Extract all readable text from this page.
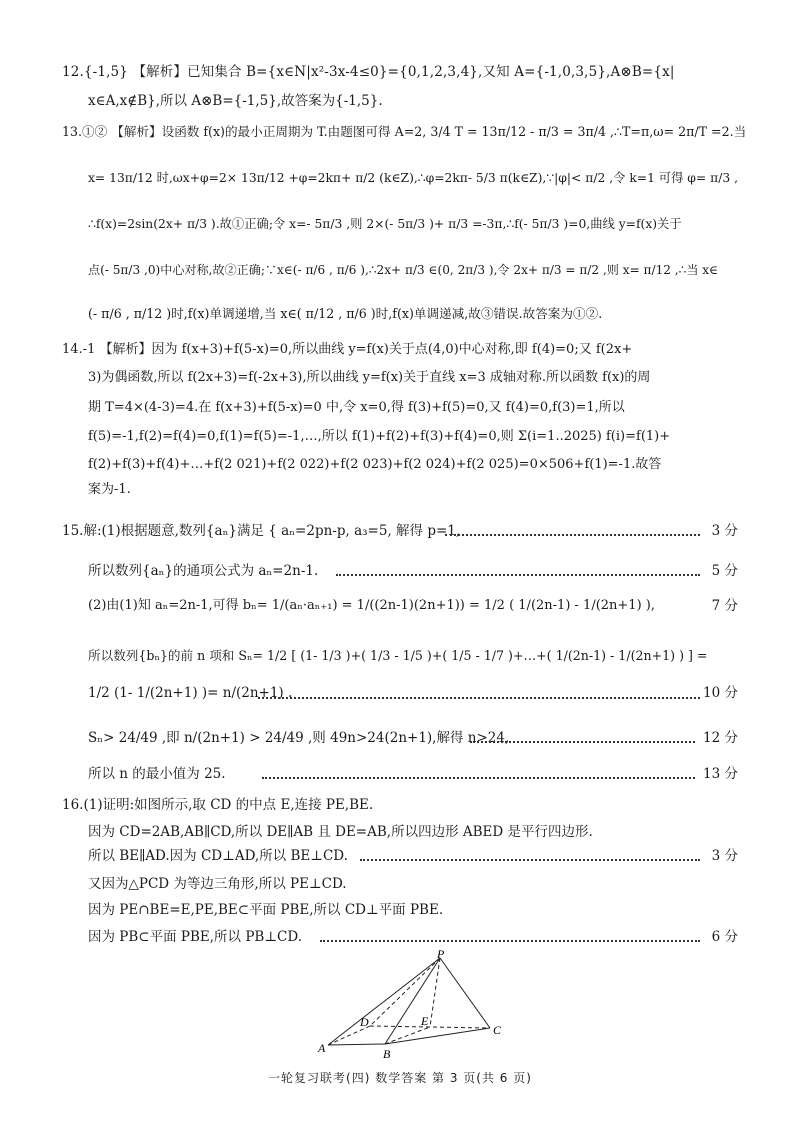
12.{-1,5} 【解析】已知集合 B={x∈N|x²-3x-4≤0}={0,1,2,3,4},又知 A={-1,0,3,5},A⊗B={x|
x∈A,x∉B},所以 A⊗B={-1,5},故答案为{-1,5}.
13.①② 【解析】设函数 f(x)的最小正周期为 T.由题图可得 A=2, 3/4 T = 13π/12 - π/3 = 3π/4 ,∴T=π,ω= 2π/T =2.当
x= 13π/12 时,ωx+φ=2× 13π/12 +φ=2kπ+ π/2 (k∈Z),∴φ=2kπ- 5/3 π(k∈Z),∵|φ|< π/2 ,令 k=1 可得 φ= π/3 ,
∴f(x)=2sin(2x+ π/3 ).故①正确;令 x=- 5π/3 ,则 2×(- 5π/3 )+ π/3 =-3π,∴f(- 5π/3 )=0,曲线 y=f(x)关于
点(- 5π/3 ,0)中心对称,故②正确;∵x∈(- π/6 , π/6 ),∴2x+ π/3 ∈(0, 2π/3 ),令 2x+ π/3 = π/2 ,则 x= π/12 ,∴当 x∈
(- π/6 , π/12 )时,f(x)单调递增,当 x∈( π/12 , π/6 )时,f(x)单调递减,故③错误.故答案为①②.
14.-1 【解析】因为 f(x+3)+f(5-x)=0,所以曲线 y=f(x)关于点(4,0)中心对称,即 f(4)=0;又 f(2x+
3)为偶函数,所以 f(2x+3)=f(-2x+3),所以曲线 y=f(x)关于直线 x=3 成轴对称.所以函数 f(x)的周
期 T=4×(4-3)=4.在 f(x+3)+f(5-x)=0 中,令 x=0,得 f(3)+f(5)=0,又 f(4)=0,f(3)=1,所以
f(5)=-1,f(2)=f(4)=0,f(1)=f(5)=-1,…,所以 f(1)+f(2)+f(3)+f(4)=0,则 Σ(i=1..2025) f(i)=f(1)+
f(2)+f(3)+f(4)+…+f(2 021)+f(2 022)+f(2 023)+f(2 024)+f(2 025)=0×506+f(1)=-1.故答
案为-1.
15.解:(1)根据题意,数列{aₙ}满足 { aₙ=2pn-p, a₃=5, 解得 p=1,	3 分
所以数列{aₙ}的通项公式为 aₙ=2n-1.	5 分
(2)由(1)知 aₙ=2n-1,可得 bₙ= 1/(aₙ·aₙ₊₁) = 1/((2n-1)(2n+1)) = 1/2 ( 1/(2n-1) - 1/(2n+1) ),	7 分
所以数列{bₙ}的前 n 项和 Sₙ= 1/2 [ (1- 1/3 )+( 1/3 - 1/5 )+( 1/5 - 1/7 )+…+( 1/(2n-1) - 1/(2n+1) ) ] =
1/2 (1- 1/(2n+1) )= n/(2n+1) .	10 分
Sₙ> 24/49 ,即 n/(2n+1) > 24/49 ,则 49n>24(2n+1),解得 n>24,	12 分
所以 n 的最小值为 25.	13 分
16.(1)证明:如图所示,取 CD 的中点 E,连接 PE,BE.
因为 CD=2AB,AB∥CD,所以 DE∥AB 且 DE=AB,所以四边形 ABED 是平行四边形.
所以 BE∥AD.因为 CD⊥AD,所以 BE⊥CD.	3 分
又因为△PCD 为等边三角形,所以 PE⊥CD.
因为 PE∩BE=E,PE,BE⊂平面 PBE,所以 CD⊥平面 PBE.
因为 PB⊂平面 PBE,所以 PB⊥CD.	6 分
P
D	E
C
A	B
一轮复习联考(四) 数学答案 第 3 页(共 6 页)
